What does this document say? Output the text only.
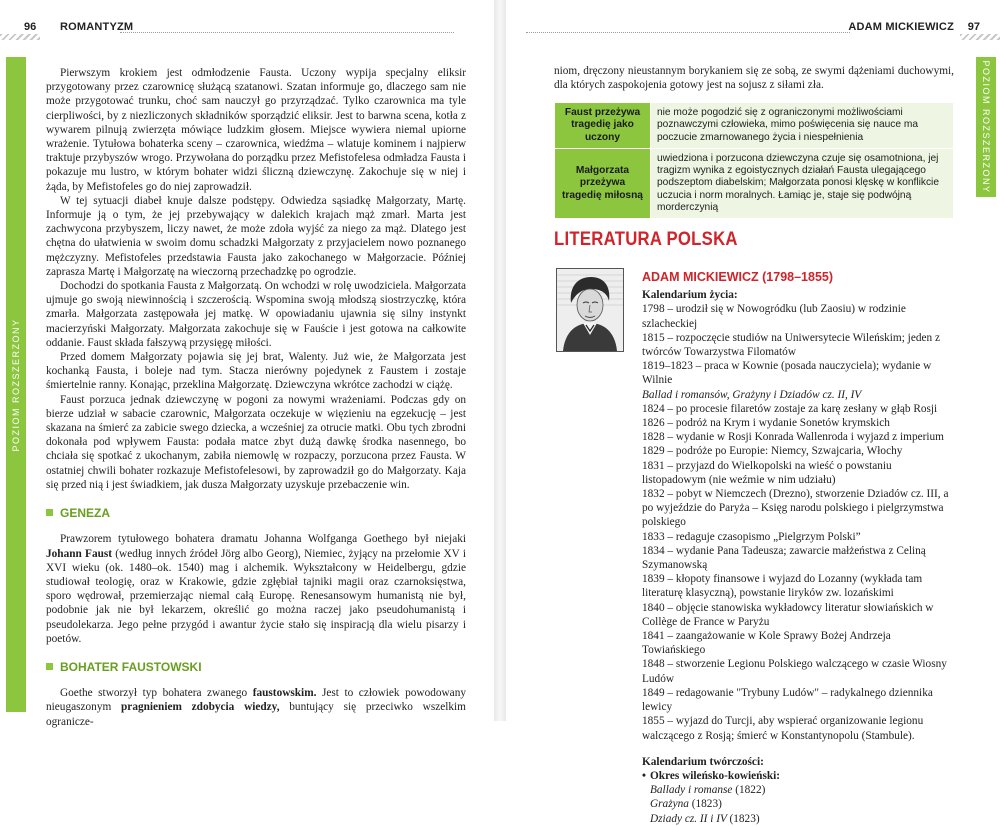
96 ROMANTYZM
POZIOM ROZSZERZONY

Pierwszym krokiem jest odmłodzenie Fausta. Uczony wypija specjalny eliksir przygotowany przez czarownicę służącą szatanowi. Szatan informuje go, dlaczego sam nie może przygotować trunku, choć sam nauczył go przyrządzać. Tylko czarownica ma tyle cierpliwości, by z niezliczonych składników sporządzić eliksir. Jest to barwna scena, kotła z wywarem pilnują zwierzęta mówiące ludzkim głosem. Miejsce wywiera niemal upiorne wrażenie. Tytułowa bohaterka sceny – czarownica, wiedźma – wlatuje kominem i najpierw traktuje przybyszów wrogo. Przywołana do porządku przez Mefistofelesa odmładza Fausta i pokazuje mu lustro, w którym bohater widzi śliczną dziewczynę. Zakochuje się w niej i żąda, by Mefistofeles go do niej zaprowadził.

W tej sytuacji diabeł knuje dalsze podstępy. Odwiedza sąsiadkę Małgorzaty, Martę. Informuje ją o tym, że jej przebywający w dalekich krajach mąż zmarł. Marta jest zachwycona przybyszem, liczy nawet, że może zdoła wyjść za niego za mąż. Dlatego jest chętna do ułatwienia w swoim domu schadzki Małgorzaty z przyjacielem nowo poznanego mężczyzny. Mefistofeles przedstawia Fausta jako zakochanego w Małgorzacie. Później zaprasza Martę i Małgorzatę na wieczorną przechadzkę po ogrodzie.

Dochodzi do spotkania Fausta z Małgorzatą. On wchodzi w rolę uwodziciela. Małgorzata ujmuje go swoją niewinnością i szczerością. Wspomina swoją młodszą siostrzyczkę, która zmarła. Małgorzata zastępowała jej matkę. W opowiadaniu ujawnia się silny instynkt macierzyński Małgorzaty. Małgorzata zakochuje się w Fauście i jest gotowa na całkowite oddanie. Faust składa fałszywą przysięgę miłości.

Przed domem Małgorzaty pojawia się jej brat, Walenty. Już wie, że Małgorzata jest kochanką Fausta, i boleje nad tym. Stacza nierówny pojedynek z Faustem i zostaje śmiertelnie ranny. Konając, przeklina Małgorzatę. Dziewczyna wkrótce zachodzi w ciążę.

Faust porzuca jednak dziewczynę w pogoni za nowymi wrażeniami. Podczas gdy on bierze udział w sabacie czarownic, Małgorzata oczekuje w więzieniu na egzekucję – jest skazana na śmierć za zabicie swego dziecka, a wcześniej za otrucie matki. Obu tych zbrodni dokonała pod wpływem Fausta: podała matce zbyt dużą dawkę środka nasennego, bo chciała się spotkać z ukochanym, zabiła niemowlę w rozpaczy, porzucona przez Fausta. W ostatniej chwili bohater rozkazuje Mefistofelesowi, by zaprowadził go do Małgorzaty. Kaja się przed nią i jest świadkiem, jak dusza Małgorzaty uzyskuje przebaczenie win.

GENEZA

Prawzorem tytułowego bohatera dramatu Johanna Wolfganga Goethego był niejaki Johann Faust (według innych źródeł Jörg albo Georg), Niemiec, żyjący na przełomie XV i XVI wieku (ok. 1480–ok. 1540) mag i alchemik. Wykształcony w Heidelbergu, gdzie studiował teologię, oraz w Krakowie, gdzie zgłębiał tajniki magii oraz czarnoksięstwa, sporo wędrował, przemierzając niemal całą Europę. Renesansowym humanistą nie był, podobnie jak nie był lekarzem, określić go można raczej jako pseudohumanistą i pseudolekarza. Jego pełne przygód i awantur życie stało się inspiracją dla wielu pisarzy i poetów.

BOHATER FAUSTOWSKI

Goethe stworzył typ bohatera zwanego faustowskim. Jest to człowiek powodowany nieugaszonym pragnieniem zdobycia wiedzy, buntujący się przeciwko wszelkim ogranicze-

ADAM MICKIEWICZ 97
POZIOM ROZSZERZONY

niom, dręczony nieustannym borykaniem się ze sobą, ze swymi dążeniami duchowymi, dla których zaspokojenia gotowy jest na sojusz z siłami zła.

Faust przeżywa tragedię jako uczony	nie może pogodzić się z ograniczonymi możliwościami poznawczymi człowieka, mimo poświęcenia się nauce ma poczucie zmarnowanego życia i niespełnienia
Małgorzata przeżywa tragedię miłosną	uwiedziona i porzucona dziewczyna czuje się osamotniona, jej tragizm wynika z egoistycznych działań Fausta ulegającego podszeptom diabelskim; Małgorzata ponosi klęskę w konflikcie uczucia i norm moralnych. Łamiąc je, staje się podwójną morderczynią
LITERATURA POLSKA
ADAM MICKIEWICZ (1798–1855)
Kalendarium życia:
1798 – urodził się w Nowogródku (lub Zaosiu) w rodzinie szlacheckiej
1815 – rozpoczęcie studiów na Uniwersytecie Wileńskim; jeden z twórców Towarzystwa Filomatów
1819–1823 – praca w Kownie (posada nauczyciela); wydanie w Wilnie
Ballad i romansów, Grażyny i Dziadów cz. II, IV
1824 – po procesie filaretów zostaje za karę zesłany w głąb Rosji
1826 – podróż na Krym i wydanie Sonetów krymskich
1828 – wydanie w Rosji Konrada Wallenroda i wyjazd z imperium
1829 – podróże po Europie: Niemcy, Szwajcaria, Włochy
1831 – przyjazd do Wielkopolski na wieść o powstaniu listopadowym (nie weźmie w nim udziału)
1832 – pobyt w Niemczech (Drezno), stworzenie Dziadów cz. III, a po wyjeździe do Paryża – Księg narodu polskiego i pielgrzymstwa polskiego
1833 – redaguje czasopismo „Pielgrzym Polski”
1834 – wydanie Pana Tadeusza; zawarcie małżeństwa z Celiną Szymanowską
1839 – kłopoty finansowe i wyjazd do Lozanny (wykłada tam literaturę klasyczną), powstanie liryków zw. lozańskimi
1840 – objęcie stanowiska wykładowcy literatur słowiańskich w Collège de France w Paryżu
1841 – zaangażowanie w Kole Sprawy Bożej Andrzeja Towiańskiego
1848 – stworzenie Legionu Polskiego walczącego w czasie Wiosny Ludów
1849 – redagowanie "Trybuny Ludów" – radykalnego dziennika lewicy
1855 – wyjazd do Turcji, aby wspierać organizowanie legionu walczącego z Rosją; śmierć w Konstantynopolu (Stambule).
Kalendarium twórczości:
• Okres wileńsko-kowieński:
Ballady i romanse (1822)
Grażyna (1823)
Dziady cz. II i IV (1823)
